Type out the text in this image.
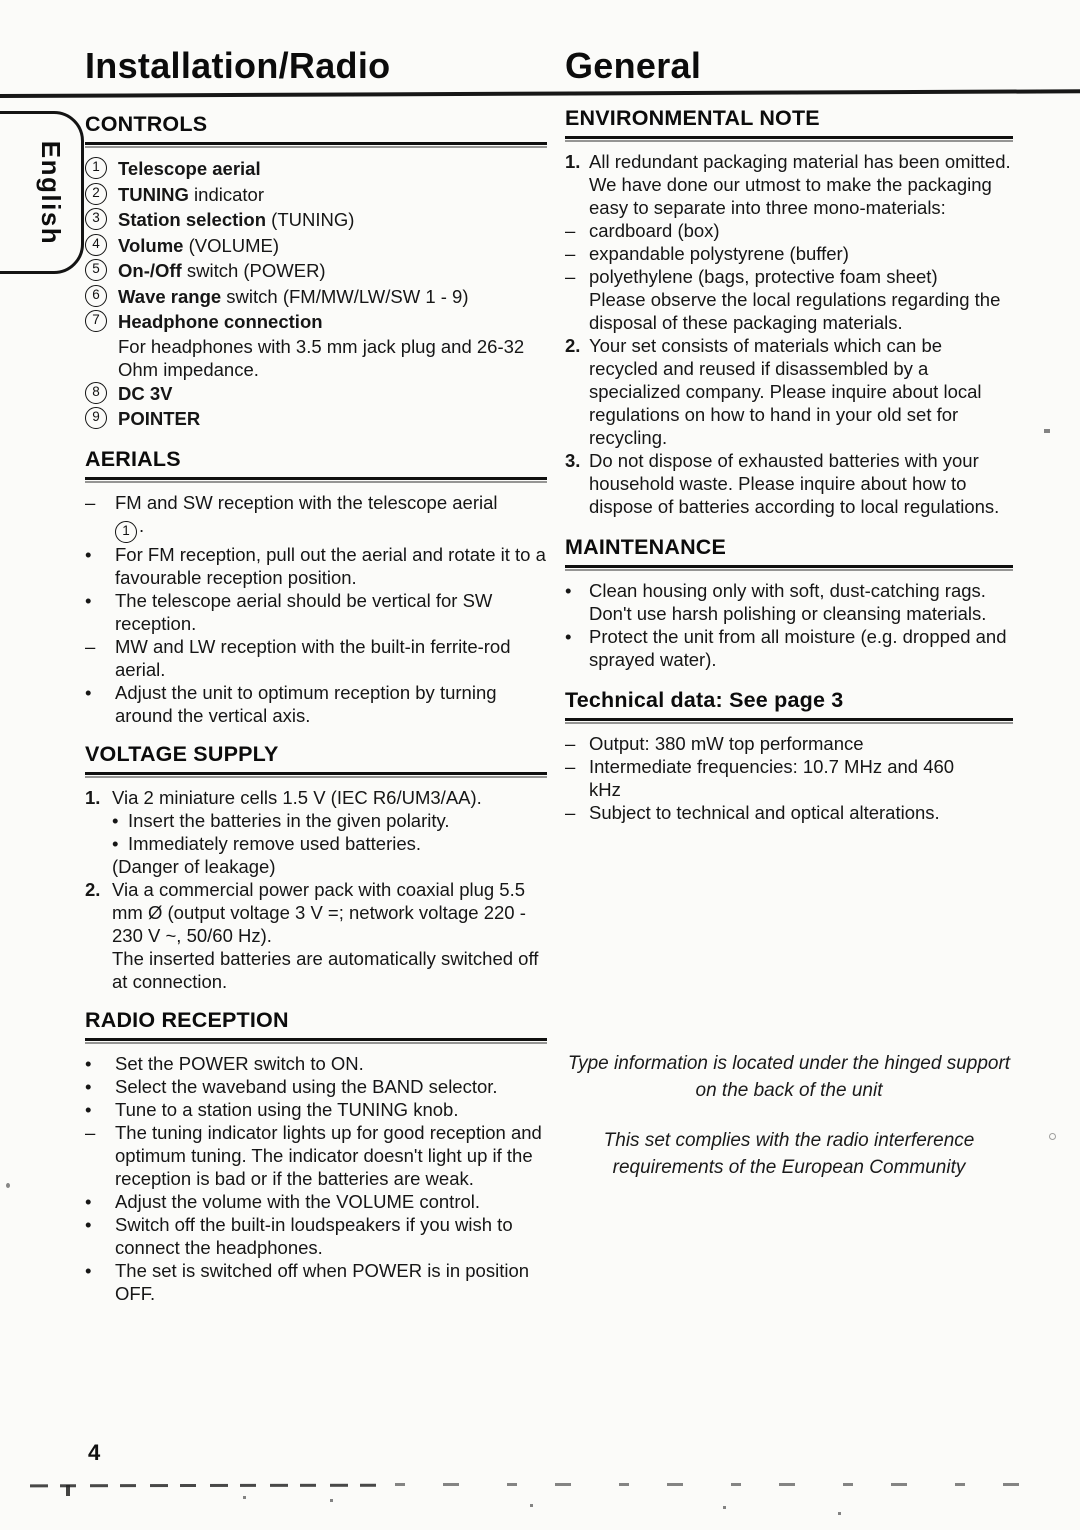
Installation/Radio	General
English
CONTROLS
1 Telescope aerial
2 TUNING indicator
3 Station selection (TUNING)
4 Volume (VOLUME)
5 On-/Off switch (POWER)
6 Wave range switch (FM/MW/LW/SW 1 - 9)
7 Headphone connection
For headphones with 3.5 mm jack plug and 26-32 Ohm impedance.
8 DC 3V
9 POINTER
AERIALS
–	FM and SW reception with the telescope aerial
1 .
•	For FM reception, pull out the aerial and rotate it to a favourable reception position.
•	The telescope aerial should be vertical for SW reception.
–	MW and LW reception with the built-in ferrite-rod aerial.
•	Adjust the unit to optimum reception by turning around the vertical axis.
VOLTAGE SUPPLY
1. Via 2 miniature cells 1.5 V (IEC R6/UM3/AA).
• Insert the batteries in the given polarity.
• Immediately remove used batteries.
(Danger of leakage)
2. Via a commercial power pack with coaxial plug 5.5 mm Ø (output voltage 3 V =; network voltage 220 - 230 V ~, 50/60 Hz).
The inserted batteries are automatically switched off at connection.
RADIO RECEPTION
•	Set the POWER switch to ON.
•	Select the waveband using the BAND selector.
•	Tune to a station using the TUNING knob.
–	The tuning indicator lights up for good reception and optimum tuning. The indicator doesn't light up if the reception is bad or if the batteries are weak.
•	Adjust the volume with the VOLUME control.
•	Switch off the built-in loudspeakers if you wish to connect the headphones.
•	The set is switched off when POWER is in position OFF.
ENVIRONMENTAL NOTE
1. All redundant packaging material has been omitted. We have done our utmost to make the packaging easy to separate into three mono-materials:
– cardboard (box)
– expandable polystyrene (buffer)
– polyethylene (bags, protective foam sheet)
Please observe the local regulations regarding the disposal of these packaging materials.
2. Your set consists of materials which can be recycled and reused if disassembled by a specialized company. Please inquire about local regulations on how to hand in your old set for recycling.
3. Do not dispose of exhausted batteries with your household waste. Please inquire about how to dispose of batteries according to local regulations.
MAINTENANCE
• Clean housing only with soft, dust-catching rags.
Don't use harsh polishing or cleansing materials.
• Protect the unit from all moisture (e.g. dropped and sprayed water).
Technical data: See page 3
– Output: 380 mW top performance
– Intermediate frequencies: 10.7 MHz and 460
kHz
– Subject to technical and optical alterations.
Type information is located under the hinged support on the back of the unit
This set complies with the radio interference requirements of the European Community
4
